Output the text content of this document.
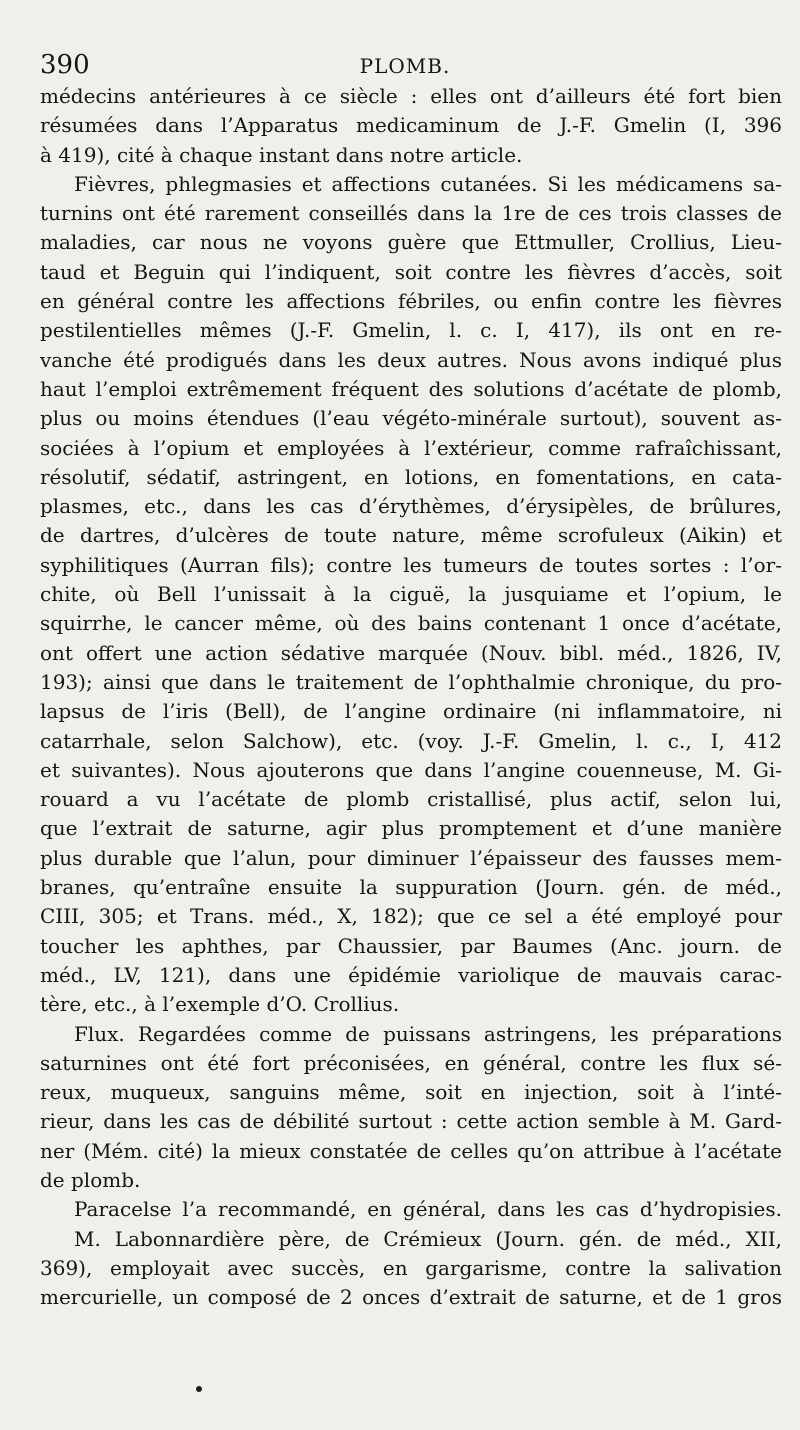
390	PLOMB.
médecins antérieures à ce siècle : elles ont d’ailleurs été fort bien
résumées dans l’Apparatus medicaminum de J.-F. Gmelin (I, 396
à 419), cité à chaque instant dans notre article.
Fièvres, phlegmasies et affections cutanées. Si les médicamens sa-
turnins ont été rarement conseillés dans la 1re de ces trois classes de
maladies, car nous ne voyons guère que Ettmuller, Crollius, Lieu-
taud et Beguin qui l’indiquent, soit contre les fièvres d’accès, soit
en général contre les affections fébriles, ou enfin contre les fièvres
pestilentielles mêmes (J.-F. Gmelin, l. c. I, 417), ils ont en re-
vanche été prodigués dans les deux autres. Nous avons indiqué plus
haut l’emploi extrêmement fréquent des solutions d’acétate de plomb,
plus ou moins étendues (l’eau végéto-minérale surtout), souvent as-
sociées à l’opium et employées à l’extérieur, comme rafraîchissant,
résolutif, sédatif, astringent, en lotions, en fomentations, en cata-
plasmes, etc., dans les cas d’érythèmes, d’érysipèles, de brûlures,
de dartres, d’ulcères de toute nature, même scrofuleux (Aikin) et
syphilitiques (Aurran fils); contre les tumeurs de toutes sortes : l’or-
chite, où Bell l’unissait à la ciguë, la jusquiame et l’opium, le
squirrhe, le cancer même, où des bains contenant 1 once d’acétate,
ont offert une action sédative marquée (Nouv. bibl. méd., 1826, IV,
193); ainsi que dans le traitement de l’ophthalmie chronique, du pro-
lapsus de l’iris (Bell), de l’angine ordinaire (ni inflammatoire, ni
catarrhale, selon Salchow), etc. (voy. J.-F. Gmelin, l. c., I, 412
et suivantes). Nous ajouterons que dans l’angine couenneuse, M. Gi-
rouard a vu l’acétate de plomb cristallisé, plus actif, selon lui,
que l’extrait de saturne, agir plus promptement et d’une manière
plus durable que l’alun, pour diminuer l’épaisseur des fausses mem-
branes, qu’entraîne ensuite la suppuration (Journ. gén. de méd.,
CIII, 305; et Trans. méd., X, 182); que ce sel a été employé pour
toucher les aphthes, par Chaussier, par Baumes (Anc. journ. de
méd., LV, 121), dans une épidémie variolique de mauvais carac-
tère, etc., à l’exemple d’O. Crollius.
Flux. Regardées comme de puissans astringens, les préparations
saturnines ont été fort préconisées, en général, contre les flux sé-
reux, muqueux, sanguins même, soit en injection, soit à l’inté-
rieur, dans les cas de débilité surtout : cette action semble à M. Gard-
ner (Mém. cité) la mieux constatée de celles qu’on attribue à l’acétate
de plomb.
Paracelse l’a recommandé, en général, dans les cas d’hydropisies.
M. Labonnardière père, de Crémieux (Journ. gén. de méd., XII,
369), employait avec succès, en gargarisme, contre la salivation
mercurielle, un composé de 2 onces d’extrait de saturne, et de 1 gros
